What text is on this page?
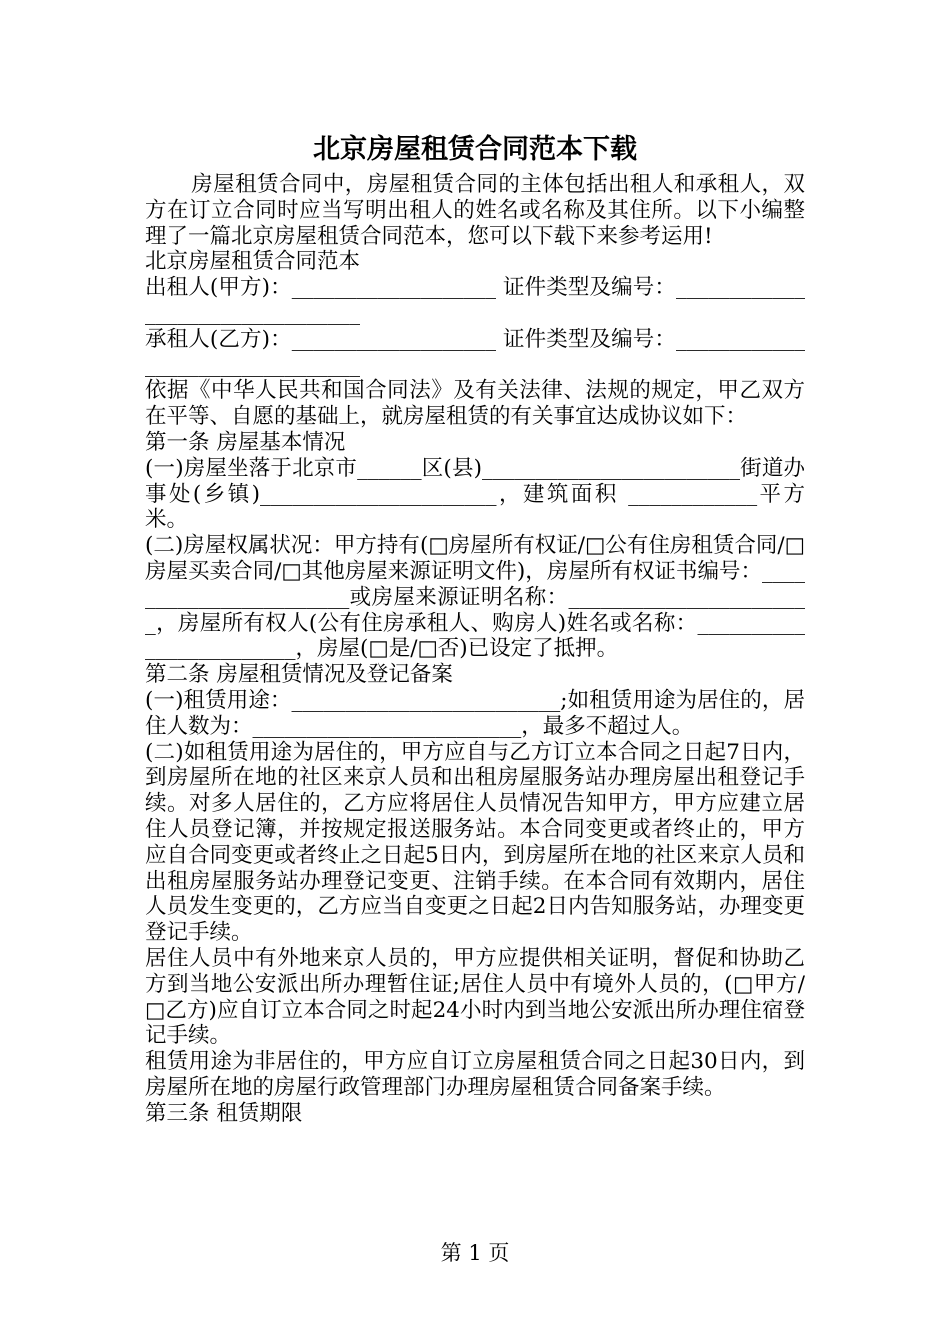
北京房屋租赁合同范本下载

房屋租赁合同中，房屋租赁合同的主体包括出租人和承租人，双方在订立合同时应当写明出租人的姓名或名称及其住所。以下小编整理了一篇北京房屋租赁合同范本，您可以下载下来参考运用!

北京房屋租赁合同范本

出租人(甲方)：___________________ 证件类型及编号：________________________________

承租人(乙方)：___________________ 证件类型及编号：________________________________

依据《中华人民共和国合同法》及有关法律、法规的规定，甲乙双方在平等、自愿的基础上，就房屋租赁的有关事宜达成协议如下：

第一条 房屋基本情况

(一)房屋坐落于北京市______区(县)________________________街道办事处(乡镇)______________________，建筑面积 ____________平方米。

(二)房屋权属状况：甲方持有(□房屋所有权证/□公有住房租赁合同/□房屋买卖合同/□其他房屋来源证明文件)，房屋所有权证书编号：_______________________或房屋来源证明名称：_______________________，房屋所有权人(公有住房承租人、购房人)姓名或名称：________________________，房屋(□是/□否)已设定了抵押。

第二条 房屋租赁情况及登记备案

(一)租赁用途：_________________________;如租赁用途为居住的，居住人数为：_________________________，最多不超过人。

(二)如租赁用途为居住的，甲方应自与乙方订立本合同之日起7日内，到房屋所在地的社区来京人员和出租房屋服务站办理房屋出租登记手续。对多人居住的，乙方应将居住人员情况告知甲方，甲方应建立居住人员登记簿，并按规定报送服务站。本合同变更或者终止的，甲方应自合同变更或者终止之日起5日内，到房屋所在地的社区来京人员和出租房屋服务站办理登记变更、注销手续。在本合同有效期内，居住人员发生变更的，乙方应当自变更之日起2日内告知服务站，办理变更登记手续。

居住人员中有外地来京人员的，甲方应提供相关证明，督促和协助乙方到当地公安派出所办理暂住证;居住人员中有境外人员的，(□甲方/□乙方)应自订立本合同之时起24小时内到当地公安派出所办理住宿登记手续。

租赁用途为非居住的，甲方应自订立房屋租赁合同之日起30日内，到房屋所在地的房屋行政管理部门办理房屋租赁合同备案手续。

第三条 租赁期限

第 1 页
